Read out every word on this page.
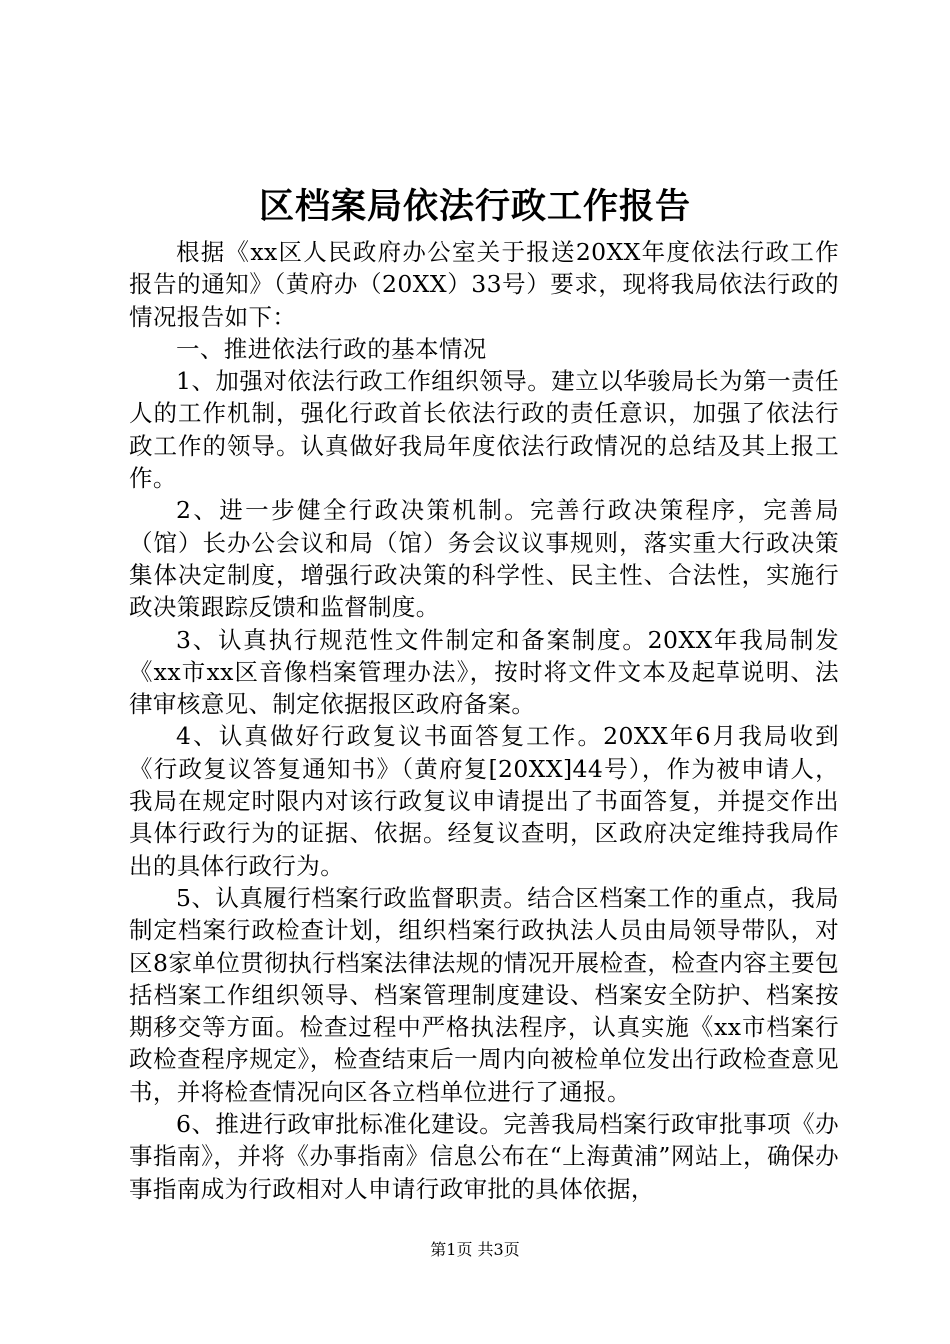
区档案局依法行政工作报告

根据《xx区人民政府办公室关于报送20XX年度依法行政工作报告的通知》（黄府办（20XX）33号）要求，现将我局依法行政的情况报告如下：

一、推进依法行政的基本情况

1、加强对依法行政工作组织领导。建立以华骏局长为第一责任人的工作机制，强化行政首长依法行政的责任意识，加强了依法行政工作的领导。认真做好我局年度依法行政情况的总结及其上报工作。

2、进一步健全行政决策机制。完善行政决策程序，完善局（馆）长办公会议和局（馆）务会议议事规则，落实重大行政决策集体决定制度，增强行政决策的科学性、民主性、合法性，实施行政决策跟踪反馈和监督制度。

3、认真执行规范性文件制定和备案制度。20XX年我局制发《xx市xx区音像档案管理办法》，按时将文件文本及起草说明、法律审核意见、制定依据报区政府备案。

4、认真做好行政复议书面答复工作。20XX年6月我局收到《行政复议答复通知书》（黄府复[20XX]44号），作为被申请人，我局在规定时限内对该行政复议申请提出了书面答复，并提交作出具体行政行为的证据、依据。经复议查明，区政府决定维持我局作出的具体行政行为。

5、认真履行档案行政监督职责。结合区档案工作的重点，我局制定档案行政检查计划，组织档案行政执法人员由局领导带队，对区8家单位贯彻执行档案法律法规的情况开展检查，检查内容主要包括档案工作组织领导、档案管理制度建设、档案安全防护、档案按期移交等方面。检查过程中严格执法程序，认真实施《xx市档案行政检查程序规定》，检查结束后一周内向被检单位发出行政检查意见书，并将检查情况向区各立档单位进行了通报。

6、推进行政审批标准化建设。完善我局档案行政审批事项《办事指南》，并将《办事指南》信息公布在“上海黄浦”网站上，确保办事指南成为行政相对人申请行政审批的具体依据，

第1页 共3页
